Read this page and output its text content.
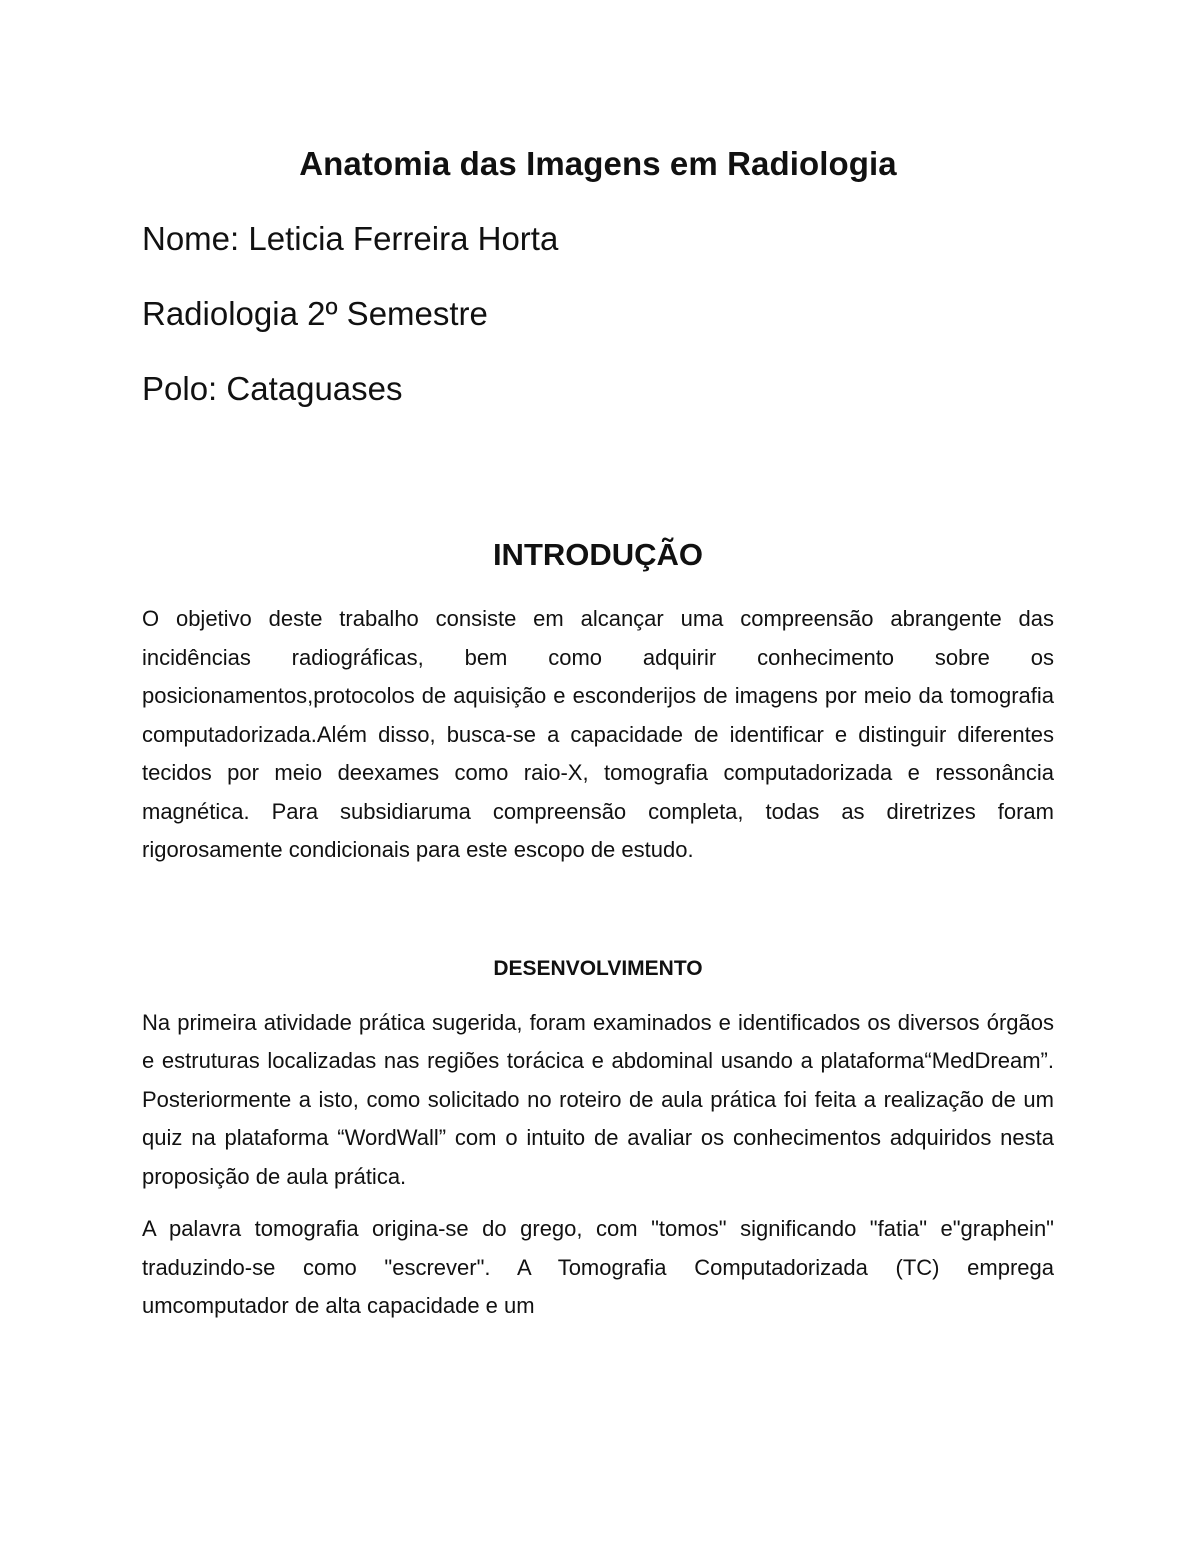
Anatomia das Imagens em Radiologia

Nome: Leticia Ferreira Horta

Radiologia 2º Semestre

Polo: Cataguases

INTRODUÇÃO

O objetivo deste trabalho consiste em alcançar uma compreensão abrangente das incidências radiográficas, bem como adquirir conhecimento sobre os posicionamentos,protocolos de aquisição e esconderijos de imagens por meio da tomografia computadorizada.Além disso, busca-se a capacidade de identificar e distinguir diferentes tecidos por meio deexames como raio-X, tomografia computadorizada e ressonância magnética. Para subsidiaruma compreensão completa, todas as diretrizes foram rigorosamente condicionais para este escopo de estudo.

DESENVOLVIMENTO

Na primeira atividade prática sugerida, foram examinados e identificados os diversos órgãos e estruturas localizadas nas regiões torácica e abdominal usando a plataforma“MedDream”. Posteriormente a isto, como solicitado no roteiro de aula prática foi feita a realização de um quiz na plataforma “WordWall” com o intuito de avaliar os conhecimentos adquiridos nesta proposição de aula prática.

A palavra tomografia origina-se do grego, com "tomos" significando "fatia" e"graphein" traduzindo-se como "escrever". A Tomografia Computadorizada (TC) emprega umcomputador de alta capacidade e um
